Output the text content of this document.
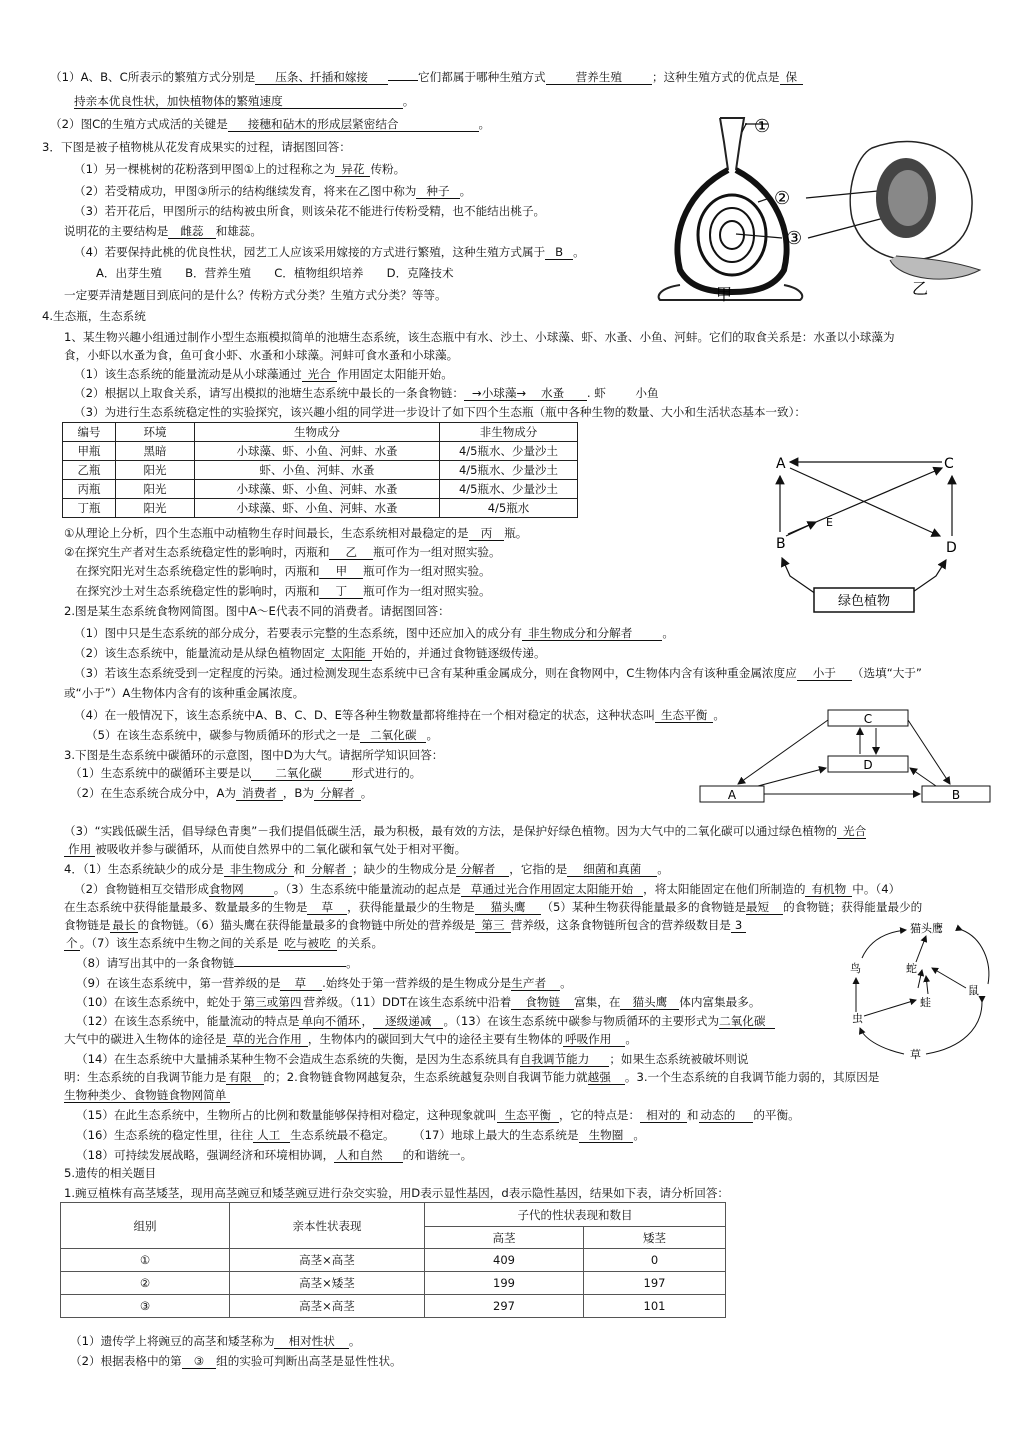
（1）A、B、C所表示的繁殖方式分别是 压条、扦插和嫁接	它们都属于哪种生殖方式	营养生殖	；这种生殖方式的优点是 保
持亲本优良性状，加快植物体的繁殖速度	。
（2）图C的生殖方式成活的关键是 接穗和砧木的形成层紧密结合	。
3．下图是被子植物桃从花发育成果实的过程，请据图回答：
（1）另一棵桃树的花粉落到甲图①上的过程称之为 异花 传粉。
（2）若受精成功，甲图③所示的结构继续发育，将来在乙图中称为 种子 。
（3）若开花后，甲图所示的结构被虫所食，则该朵花不能进行传粉受精，也不能结出桃子。
说明花的主要结构是 雌蕊 和雄蕊。
（4）若要保持此桃的优良性状，园艺工人应该采用嫁接的方式进行繁殖，这种生殖方式属于 B 。
A．出芽生殖　　B．营养生殖　　C．植物组织培养　　D．克隆技术
一定要弄清楚题目到底问的是什么？传粉方式分类？生殖方式分类？等等。
①
②
③
甲	乙
4.生态瓶，生态系统
1、某生物兴趣小组通过制作小型生态瓶模拟简单的池塘生态系统，该生态瓶中有水、沙土、小球藻、虾、水蚤、小鱼、河蚌。它们的取食关系是：水蚤以小球藻为
食，小虾以水蚤为食，鱼可食小虾、水蚤和小球藻。河蚌可食水蚤和小球藻。
（1）该生态系统的能量流动是从小球藻通过 光合 作用固定太阳能开始。
（2）根据以上取食关系，请写出模拟的池塘生态系统中最长的一条食物链： →小球藻→    水蚤 . 虾	小鱼
（3）为进行生态系统稳定性的实验探究，该兴趣小组的同学进一步设计了如下四个生态瓶（瓶中各种生物的数量、大小和生活状态基本一致）：
编号	环境	生物成分	非生物成分
甲瓶	黑暗	小球藻、虾、小鱼、河蚌、水蚤	4/5瓶水、少量沙土
乙瓶	阳光	虾、小鱼、河蚌、水蚤	4/5瓶水、少量沙土
丙瓶	阳光	小球藻、虾、小鱼、河蚌、水蚤	4/5瓶水、少量沙土
丁瓶	阳光	小球藻、虾、小鱼、河蚌、水蚤	4/5瓶水
①从理论上分析，四个生态瓶中动植物生存时间最长，生态系统相对最稳定的是 丙 瓶。
②在探究生产者对生态系统稳定性的影响时，丙瓶和 乙 瓶可作为一组对照实验。
在探究阳光对生态系统稳定性的影响时，丙瓶和 甲 瓶可作为一组对照实验。
在探究沙土对生态系统稳定性的影响时，丙瓶和 丁 瓶可作为一组对照实验。
A	C
B	D
E
绿色植物
2.图是某生态系统食物网简图。图中A～E代表不同的消费者。请据图回答：
（1）图中只是生态系统的部分成分，若要表示完整的生态系统，图中还应加入的成分有 非生物成分和分解者	。
（2）该生态系统中，能量流动是从绿色植物固定 太阳能 开始的，并通过食物链逐级传递。
（3）若该生态系统受到一定程度的污染。通过检测发现生态系统中已含有某种重金属成分，则在食物网中，C生物体内含有该种重金属浓度应 小于 （选填“大于”
或“小于”）A生物体内含有的该种重金属浓度。
（4）在一般情况下，该生态系统中A、B、C、D、E等各种生物数量都将维持在一个相对稳定的状态，这种状态叫 生态平衡 。
（5）在该生态系统中，碳参与物质循环的形式之一是 二氧化碳 。
C
D
A	B
3.下图是生态系统中碳循环的示意图，图中D为大气。请据所学知识回答：
（1）生态系统中的碳循环主要是以 二氧化碳	形式进行的。
（2）在生态系统合成分中，A为 消费者 ，B为 分解者 。
（3）“实践低碳生活，倡导绿色青奥”－我们提倡低碳生活，最为积极，最有效的方法，是保护好绿色植物。因为大气中的二氧化碳可以通过绿色植物的 光合
作用 被吸收并参与碳循环，从而使自然界中的二氧化碳和氧气处于相对平衡。
4．（1）生态系统缺少的成分是 非生物成分 和 分解者 ；缺少的生物成分是 分解者 ，它指的是 细菌和真菌 。
（2）食物链相互交错形成食物网	。（3）生态系统中能量流动的起点是 草通过光合作用固定太阳能开始 ，将太阳能固定在他们所制造的 有机物 中。（4）
在生态系统中获得能量最多、数量最多的生物是 草 ，获得能量最少的生物是 猫头鹰 （5）某种生物获得能量最多的食物链是最短 的食物链；获得能量最少的
食物链是 最长 的食物链。（6）猫头鹰在获得能量最多的食物链中所处的营养级是 第三 营养级，这条食物链所包含的营养级数目是 3
个 。（7）该生态系统中生物之间的关系是 吃与被吃 的关系。
（8）请写出其中的一条食物链	。
（9）在该生态系统中，第一营养级的是 草 .始终处于第一营养级的是生物成分是生产者 。
（10）在该生态系统中，蛇处于 第三或第四 营养级。（11）DDT在该生态系统中沿着 食物链 富集，在 猫头鹰 体内富集最多。
（12）在该生态系统中，能量流动的特点是 单向不循环 ， 逐级递减 。（13）在该生态系统中碳参与物质循环的主要形式为二氧化碳
大气中的碳进入生物体的途径是 草的光合作用 ，生物体内的碳回到大气中的途径主要有生物体的 呼吸作用 。
（14）在生态系统中大量捕杀某种生物不会造成生态系统的失衡，是因为生态系统具有自我调节能力 ；如果生态系统被破坏则说
明：生态系统的自我调节能力是 有限 的；2.食物链食物网越复杂，生态系统越复杂则自我调节能力就越强 。3.一个生态系统的自我调节能力弱的，其原因是
生物种类少、食物链食物网简单
（15）在此生态系统中，生物所占的比例和数量能够保持相对稳定，这种现象就叫 生态平衡 ，它的特点是： 相对的 和 动态的 的平衡。
（16）生态系统的稳定性里，往往 人工 生态系统最不稳定。 （17）地球上最大的生态系统是 生物圈 。
（18）可持续发展战略，强调经济和环境相协调， 人和自然 的和谐统一。
猫头鹰
蛇
鸟
鼠
蛙
虫
草
5.遗传的相关题目
1.豌豆植株有高茎矮茎，现用高茎豌豆和矮茎豌豆进行杂交实验，用D表示显性基因，d表示隐性基因，结果如下表，请分析回答：
组别	亲本性状表现	子代的性状表现和数目	
		高茎	矮茎
①	高茎×高茎	409	0
②	高茎×矮茎	199	197
③	高茎×高茎	297	101
（1）遗传学上将豌豆的高茎和矮茎称为 相对性状 。
（2）根据表格中的第 ③ 组的实验可判断出高茎是显性性状。
